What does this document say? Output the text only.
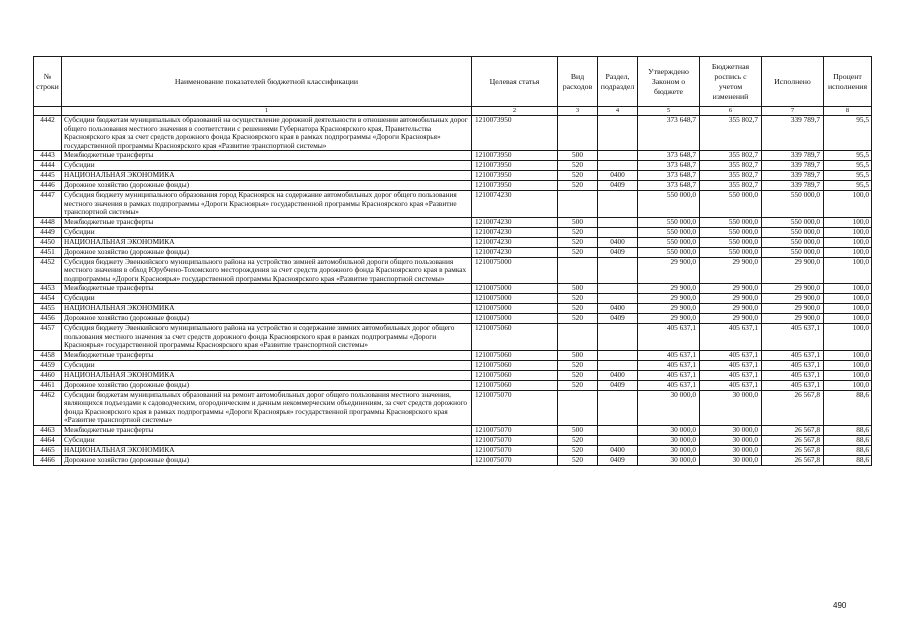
№ строки	Наименование показателей бюджетной классификации	Целевая статья	Вид расходов	Раздел, подраздел	Утверждено Законом о бюджете	Бюджетная роспись с учетом изменений	Исполнено	Процент исполнения
	1	2	3	4	5	6	7	8
4442	Субсидии бюджетам муниципальных образований на осуществление дорожной деятельности в отношении автомобильных дорог общего пользования местного значения в соответствии с решениями Губернатора Красноярского края, Правительства Красноярского края за счет средств дорожного фонда Красноярского края в рамках подпрограммы «Дороги Красноярья» государственной программы Красноярского края «Развитие транспортной системы»	1210073950			373 648,7	355 802,7	339 789,7	95,5
4443	Межбюджетные трансферты	1210073950	500		373 648,7	355 802,7	339 789,7	95,5
4444	Субсидии	1210073950	520		373 648,7	355 802,7	339 789,7	95,5
4445	НАЦИОНАЛЬНАЯ ЭКОНОМИКА	1210073950	520	0400	373 648,7	355 802,7	339 789,7	95,5
4446	Дорожное хозяйство (дорожные фонды)	1210073950	520	0409	373 648,7	355 802,7	339 789,7	95,5
4447	Субсидия бюджету муниципального образования город Красноярск на содержание автомобильных дорог общего пользования местного значения в рамках подпрограммы «Дороги Красноярья» государственной программы Красноярского края «Развитие транспортной системы»	1210074230			550 000,0	550 000,0	550 000,0	100,0
4448	Межбюджетные трансферты	1210074230	500		550 000,0	550 000,0	550 000,0	100,0
4449	Субсидии	1210074230	520		550 000,0	550 000,0	550 000,0	100,0
4450	НАЦИОНАЛЬНАЯ ЭКОНОМИКА	1210074230	520	0400	550 000,0	550 000,0	550 000,0	100,0
4451	Дорожное хозяйство (дорожные фонды)	1210074230	520	0409	550 000,0	550 000,0	550 000,0	100,0
4452	Субсидия бюджету Эвенкийского муниципального района на устройство зимней автомобильной дороги общего пользования местного значения в обход Юрубчено-Тохомского месторождения за счет средств дорожного фонда Красноярского края в рамках подпрограммы «Дороги Красноярья» государственной программы Красноярского края «Развитие транспортной системы»	1210075000			29 900,0	29 900,0	29 900,0	100,0
4453	Межбюджетные трансферты	1210075000	500		29 900,0	29 900,0	29 900,0	100,0
4454	Субсидии	1210075000	520		29 900,0	29 900,0	29 900,0	100,0
4455	НАЦИОНАЛЬНАЯ ЭКОНОМИКА	1210075000	520	0400	29 900,0	29 900,0	29 900,0	100,0
4456	Дорожное хозяйство (дорожные фонды)	1210075000	520	0409	29 900,0	29 900,0	29 900,0	100,0
4457	Субсидия бюджету Эвенкийского муниципального района на устройство и содержание зимних автомобильных дорог общего пользования местного значения за счет средств дорожного фонда Красноярского края в рамках подпрограммы «Дороги Красноярья» государственной программы Красноярского края «Развитие транспортной системы»	1210075060			405 637,1	405 637,1	405 637,1	100,0
4458	Межбюджетные трансферты	1210075060	500		405 637,1	405 637,1	405 637,1	100,0
4459	Субсидии	1210075060	520		405 637,1	405 637,1	405 637,1	100,0
4460	НАЦИОНАЛЬНАЯ ЭКОНОМИКА	1210075060	520	0400	405 637,1	405 637,1	405 637,1	100,0
4461	Дорожное хозяйство (дорожные фонды)	1210075060	520	0409	405 637,1	405 637,1	405 637,1	100,0
4462	Субсидии бюджетам муниципальных образований на ремонт автомобильных дорог общего пользования местного значения, являющихся подъездами к садоводческим, огородническим и дачным некоммерческим объединениям, за счет средств дорожного фонда Красноярского края в рамках подпрограммы «Дороги Красноярья» государственной программы Красноярского края «Развитие транспортной системы»	1210075070			30 000,0	30 000,0	26 567,8	88,6
4463	Межбюджетные трансферты	1210075070	500		30 000,0	30 000,0	26 567,8	88,6
4464	Субсидии	1210075070	520		30 000,0	30 000,0	26 567,8	88,6
4465	НАЦИОНАЛЬНАЯ ЭКОНОМИКА	1210075070	520	0400	30 000,0	30 000,0	26 567,8	88,6
4466	Дорожное хозяйство (дорожные фонды)	1210075070	520	0409	30 000,0	30 000,0	26 567,8	88,6
490
